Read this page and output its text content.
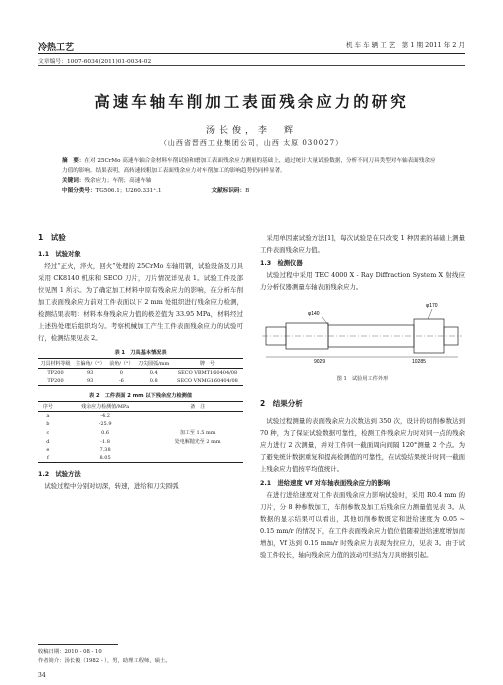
冷热工艺	机 车 车 辆 工 艺　第 1 期 2011 年 2 月
文章编号：1007-6034(2011)01-0034-02
高速车轴车削加工表面残余应力的研究
汤长俊，李　辉
（山西省晋西工业集团公司，山西 太原 030027）
摘　要：在对 25CrMo 高速车轴合金材料车削试验和磨加工表面残余应力测量的基础上，通过统计大量试验数据，分析不同刀具类型对车轴表面残余应力值的影响。结果表明，高转速较粗加工表面残余应力对车削加工的影响趋势仍同样显著。
关键词：残余应力；车削；高速车轴
中图分类号：TG506.1；U260.331⁺.1	文献标识码：B
1　试验
1.1　试验对象
经过“正火，淬火，回火”处理的 25CrMo 车轴用钢，试验设备及刀具采用 CK8140 机床和 SECO 刀片，刀片情况详见表 1。试验工件及部位见图 1 所示。为了确定加工材料中原有残余应力的影响，在分析车削加工表面残余应力前对工件表面以下 2 mm 处组织进行残余应力检测，检测结果表明：材料本身残余应力值的极差值为 33.95 MPa，材料经过上述热处理后组织均匀。考察机械加工产生工件表面残余应力的试验可行，检测结果见表 2。
表 1　刀具基本情况表
刀具材料等级	主偏角/（°）	前角/（°）	刀尖圆弧/mm	牌　号
TP200	93	0	0.4	SECO VBMT160404/08
TP200	93	-6	0.8	SECO VNMG160404/08
表 2　工件表面 2 mm 以下残余应力检测值
序号	残余应力检测值/MPa	备　注
a	-4.2	
b	-25.9	
c	0.6	加工至 1.5 mm
d	-1.8	处电解抛光至 2 mm
e	7.38	
f	8.05	
1.2　试验方法
试验过程中分别对切深，转速，进给和刀尖圆弧
收稿日期：2010 - 08 - 10
作者简介：汤长俊（1982 - ），男，助理工程师，硕士。
34
采用单因素试验方法[1]，每次试验是在只改变 1 种因素的基础上测量工件表面残余应力值。
1.3　检测仪器
试验过程中采用 TEC 4000 X - Ray Diffraction System X 射线应力分析仪器测量车轴表面残余应力。
φ140
φ170
9029	10285
图 1　试验用工件外形
2　结果分析
试验过程测量的表面残余应力次数达到 350 次，设计的切削参数达到 70 种，为了保证试验数据可靠性，检测工件残余应力时对同一点的残余应力进行 2 次测量，并对工件同一截面周向间隔 120°测量 2 个点。为了避免统计数据重复和提高检测值的可靠性，在试验结果统计时同一截面上残余应力值按平均值统计。
2.1　进给速度 Vf 对车轴表面残余应力的影响
在进行进给速度对工件表面残余应力影响试验时，采用 R0.4 mm 的刀片，分 8 种参数加工，车削参数及加工后残余应力测量值见表 3。从数据的显示结果可以看出，其他切削参数既定和进给速度为 0.05 ~ 0.15 mm/r 的情况下，在工件表面残余应力值位值随着进给速度增加而增加，Vf 达到 0.15 mm/r 时残余应力表现为拉应力，见表 3。由于试验工件较长，轴向残余应力值的波动可归结为刀具磨损引起。
